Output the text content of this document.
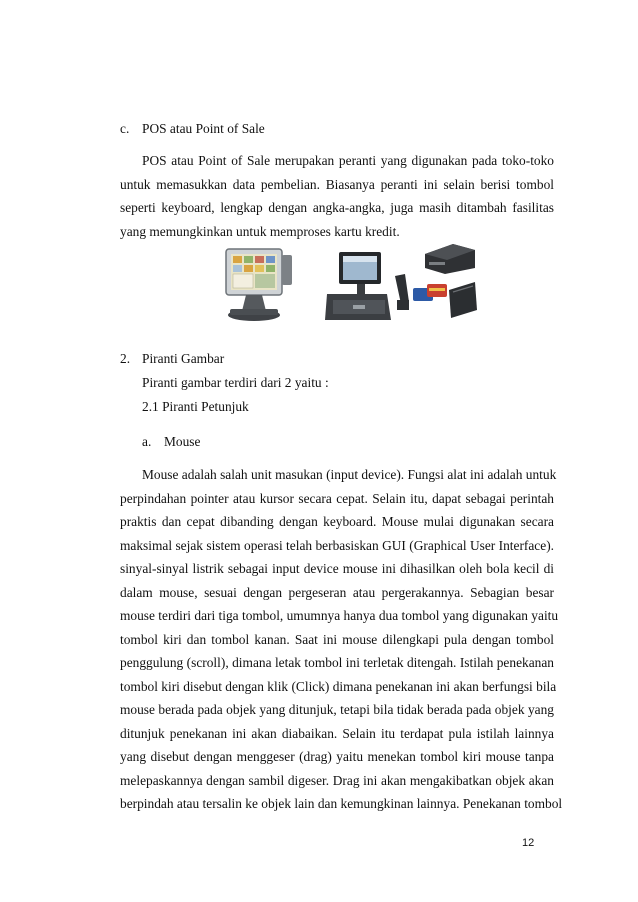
c. POS atau Point of Sale
POS atau Point of Sale merupakan peranti yang digunakan pada toko-toko
untuk memasukkan data pembelian. Biasanya peranti ini selain berisi tombol
seperti keyboard, lengkap dengan angka-angka, juga masih ditambah fasilitas
yang memungkinkan untuk memproses kartu kredit.
2. Piranti Gambar
Piranti gambar terdiri dari 2 yaitu :
2.1 Piranti Petunjuk
a. Mouse
Mouse adalah salah unit masukan (input device). Fungsi alat ini adalah untuk
perpindahan pointer atau kursor secara cepat. Selain itu, dapat sebagai perintah
praktis dan cepat dibanding dengan keyboard. Mouse mulai digunakan secara
maksimal sejak sistem operasi telah berbasiskan GUI (Graphical User Interface).
sinyal-sinyal listrik sebagai input device mouse ini dihasilkan oleh bola kecil di
dalam mouse, sesuai dengan pergeseran atau pergerakannya. Sebagian besar
mouse terdiri dari tiga tombol, umumnya hanya dua tombol yang digunakan yaitu
tombol kiri dan tombol kanan. Saat ini mouse dilengkapi pula dengan tombol
penggulung (scroll), dimana letak tombol ini terletak ditengah. Istilah penekanan
tombol kiri disebut dengan klik (Click) dimana penekanan ini akan berfungsi bila
mouse berada pada objek yang ditunjuk, tetapi bila tidak berada pada objek yang
ditunjuk penekanan ini akan diabaikan. Selain itu terdapat pula istilah lainnya
yang disebut dengan menggeser (drag) yaitu menekan tombol kiri mouse tanpa
melepaskannya dengan sambil digeser. Drag ini akan mengakibatkan objek akan
berpindah atau tersalin ke objek lain dan kemungkinan lainnya. Penekanan tombol
12
